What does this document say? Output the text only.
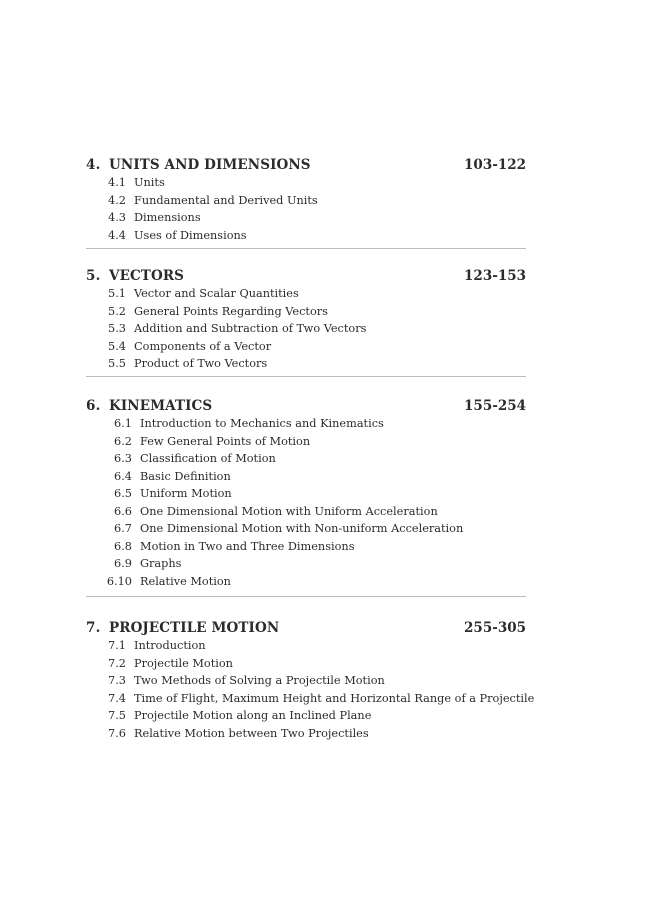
4. UNITS AND DIMENSIONS	103-122
4.1 Units
4.2 Fundamental and Derived Units
4.3 Dimensions
4.4 Uses of Dimensions
5. VECTORS	123-153
5.1 Vector and Scalar Quantities
5.2 General Points Regarding Vectors
5.3 Addition and Subtraction of Two Vectors
5.4 Components of a Vector
5.5 Product of Two Vectors
6. KINEMATICS	155-254
6.1 Introduction to Mechanics and Kinematics
6.2 Few General Points of Motion
6.3 Classification of Motion
6.4 Basic Definition
6.5 Uniform Motion
6.6 One Dimensional Motion with Uniform Acceleration
6.7 One Dimensional Motion with Non-uniform Acceleration
6.8 Motion in Two and Three Dimensions
6.9 Graphs
6.10 Relative Motion
7. PROJECTILE MOTION	255-305
7.1 Introduction
7.2 Projectile Motion
7.3 Two Methods of Solving a Projectile Motion
7.4 Time of Flight, Maximum Height and Horizontal Range of a Projectile
7.5 Projectile Motion along an Inclined Plane
7.6 Relative Motion between Two Projectiles
